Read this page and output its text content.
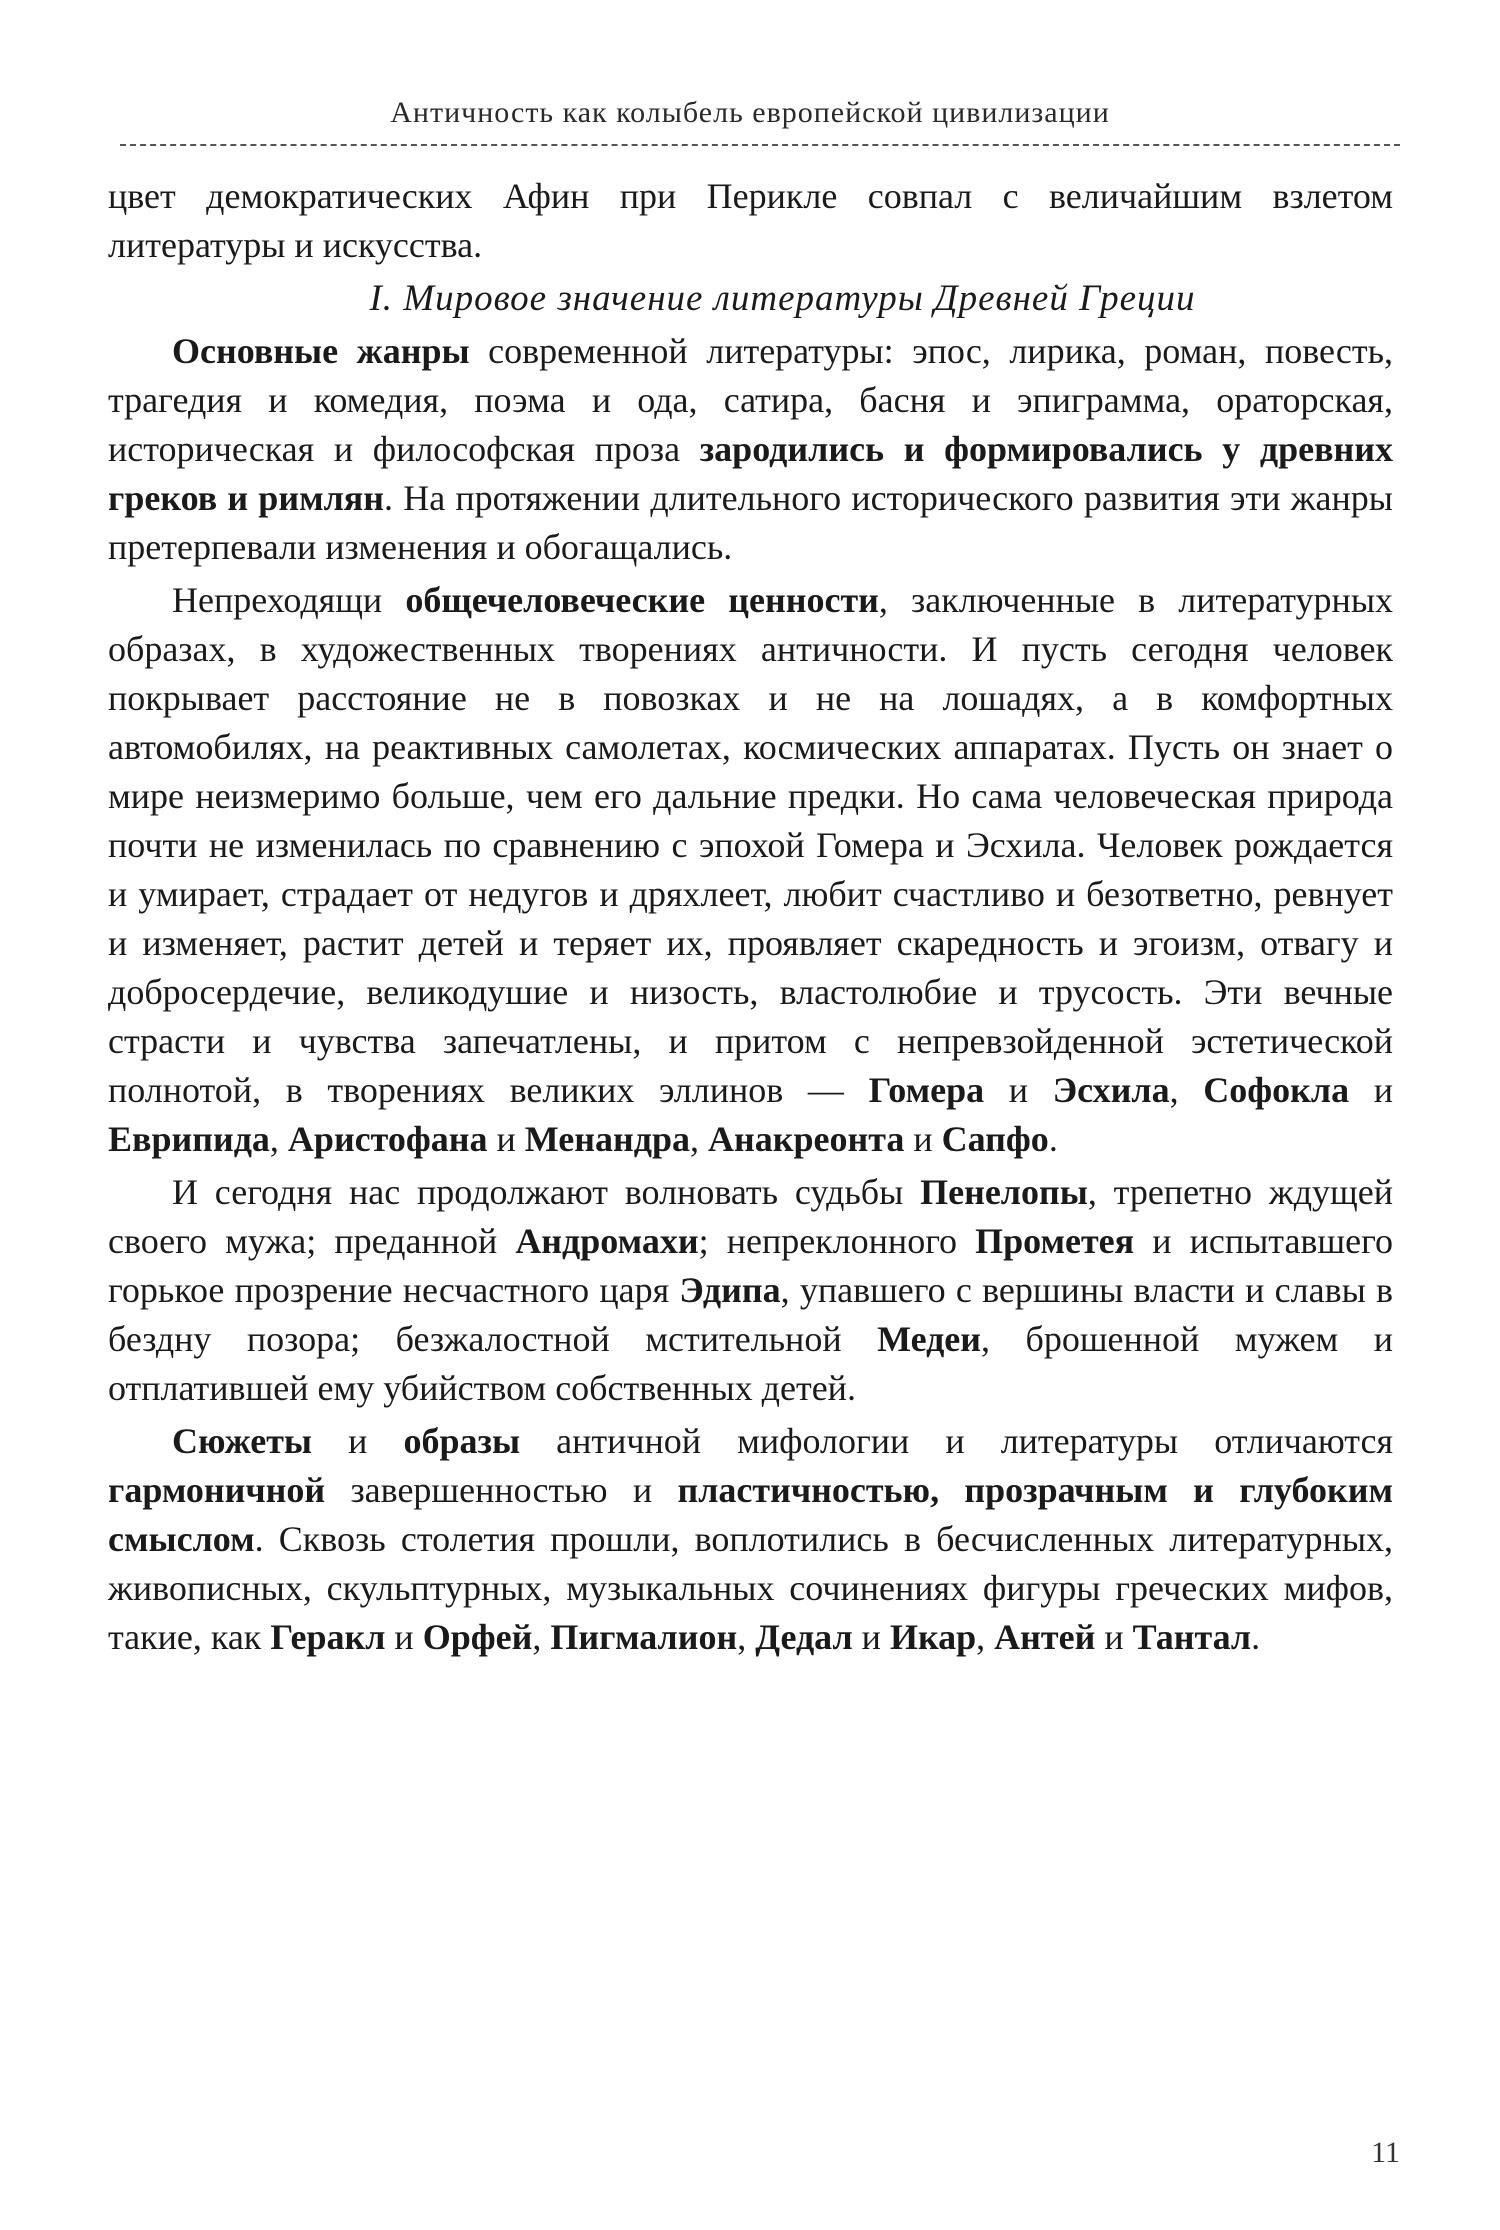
Античность как колыбель европейской цивилизации

цвет демократических Афин при Перикле совпал с величайшим взлетом литературы и искусства.

I. Мировое значение литературы Древней Греции

Основные жанры современной литературы: эпос, лирика, роман, повесть, трагедия и комедия, поэма и ода, сатира, басня и эпиграмма, ораторская, историческая и философская проза зародились и формировались у древних греков и римлян. На протяжении длительного исторического развития эти жанры претерпевали изменения и обогащались.

Непреходящи общечеловеческие ценности, заключенные в литературных образах, в художественных творениях античности. И пусть сегодня человек покрывает расстояние не в повозках и не на лошадях, а в комфортных автомобилях, на реактивных самолетах, космических аппаратах. Пусть он знает о мире неизмеримо больше, чем его дальние предки. Но сама человеческая природа почти не изменилась по сравнению с эпохой Гомера и Эсхила. Человек рождается и умирает, страдает от недугов и дряхлеет, любит счастливо и безответно, ревнует и изменяет, растит детей и теряет их, проявляет скаредность и эгоизм, отвагу и добросердечие, великодушие и низость, властолюбие и трусость. Эти вечные страсти и чувства запечатлены, и притом с непревзойденной эстетической полнотой, в творениях великих эллинов — Гомера и Эсхила, Софокла и Еврипида, Аристофана и Менандра, Анакреонта и Сапфо.

И сегодня нас продолжают волновать судьбы Пенелопы, трепетно ждущей своего мужа; преданной Андромахи; непреклонного Прометея и испытавшего горькое прозрение несчастного царя Эдипа, упавшего с вершины власти и славы в бездну позора; безжалостной мстительной Медеи, брошенной мужем и отплатившей ему убийством собственных детей.

Сюжеты и образы античной мифологии и литературы отличаются гармоничной завершенностью и пластичностью, прозрачным и глубоким смыслом. Сквозь столетия прошли, воплотились в бесчисленных литературных, живописных, скульптурных, музыкальных сочинениях фигуры греческих мифов, такие, как Геракл и Орфей, Пигмалион, Дедал и Икар, Антей и Тантал.

11
